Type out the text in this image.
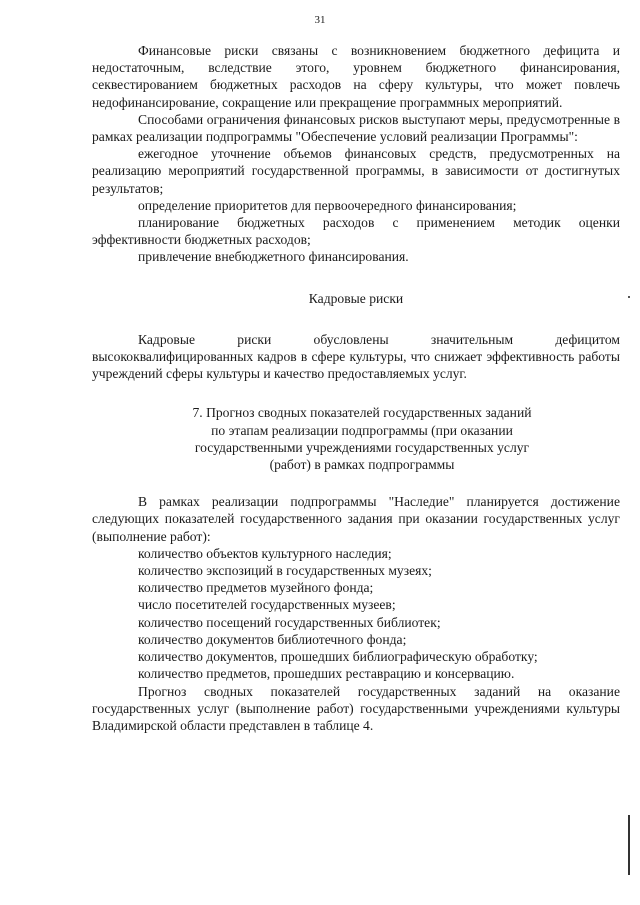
31

Финансовые риски связаны с возникновением бюджетного дефицита и недостаточным, вследствие этого, уровнем бюджетного финансирования, секвестированием бюджетных расходов на сферу культуры, что может повлечь недофинансирование, сокращение или прекращение программных мероприятий.

Способами ограничения финансовых рисков выступают меры, предусмотренные в рамках реализации подпрограммы "Обеспечение условий реализации Программы":

ежегодное уточнение объемов финансовых средств, предусмотренных на реализацию мероприятий государственной программы, в зависимости от достигнутых результатов;

определение приоритетов для первоочередного финансирования;

планирование бюджетных расходов с применением методик оценки эффективности бюджетных расходов;

привлечение внебюджетного финансирования.

Кадровые риски

Кадровые риски обусловлены значительным дефицитом высококвалифицированных кадров в сфере культуры, что снижает эффективность работы учреждений сферы культуры и качество предоставляемых услуг.

7. Прогноз сводных показателей государственных заданий
по этапам реализации подпрограммы (при оказании
государственными учреждениями государственных услуг
(работ) в рамках подпрограммы

В рамках реализации подпрограммы "Наследие" планируется достижение следующих показателей государственного задания при оказании государственных услуг (выполнение работ):

количество объектов культурного наследия;

количество экспозиций в государственных музеях;

количество предметов музейного фонда;

число посетителей государственных музеев;

количество посещений государственных библиотек;

количество документов библиотечного фонда;

количество документов, прошедших библиографическую обработку;

количество предметов, прошедших реставрацию и консервацию.

Прогноз сводных показателей государственных заданий на оказание государственных услуг (выполнение работ) государственными учреждениями культуры Владимирской области представлен в таблице 4.
